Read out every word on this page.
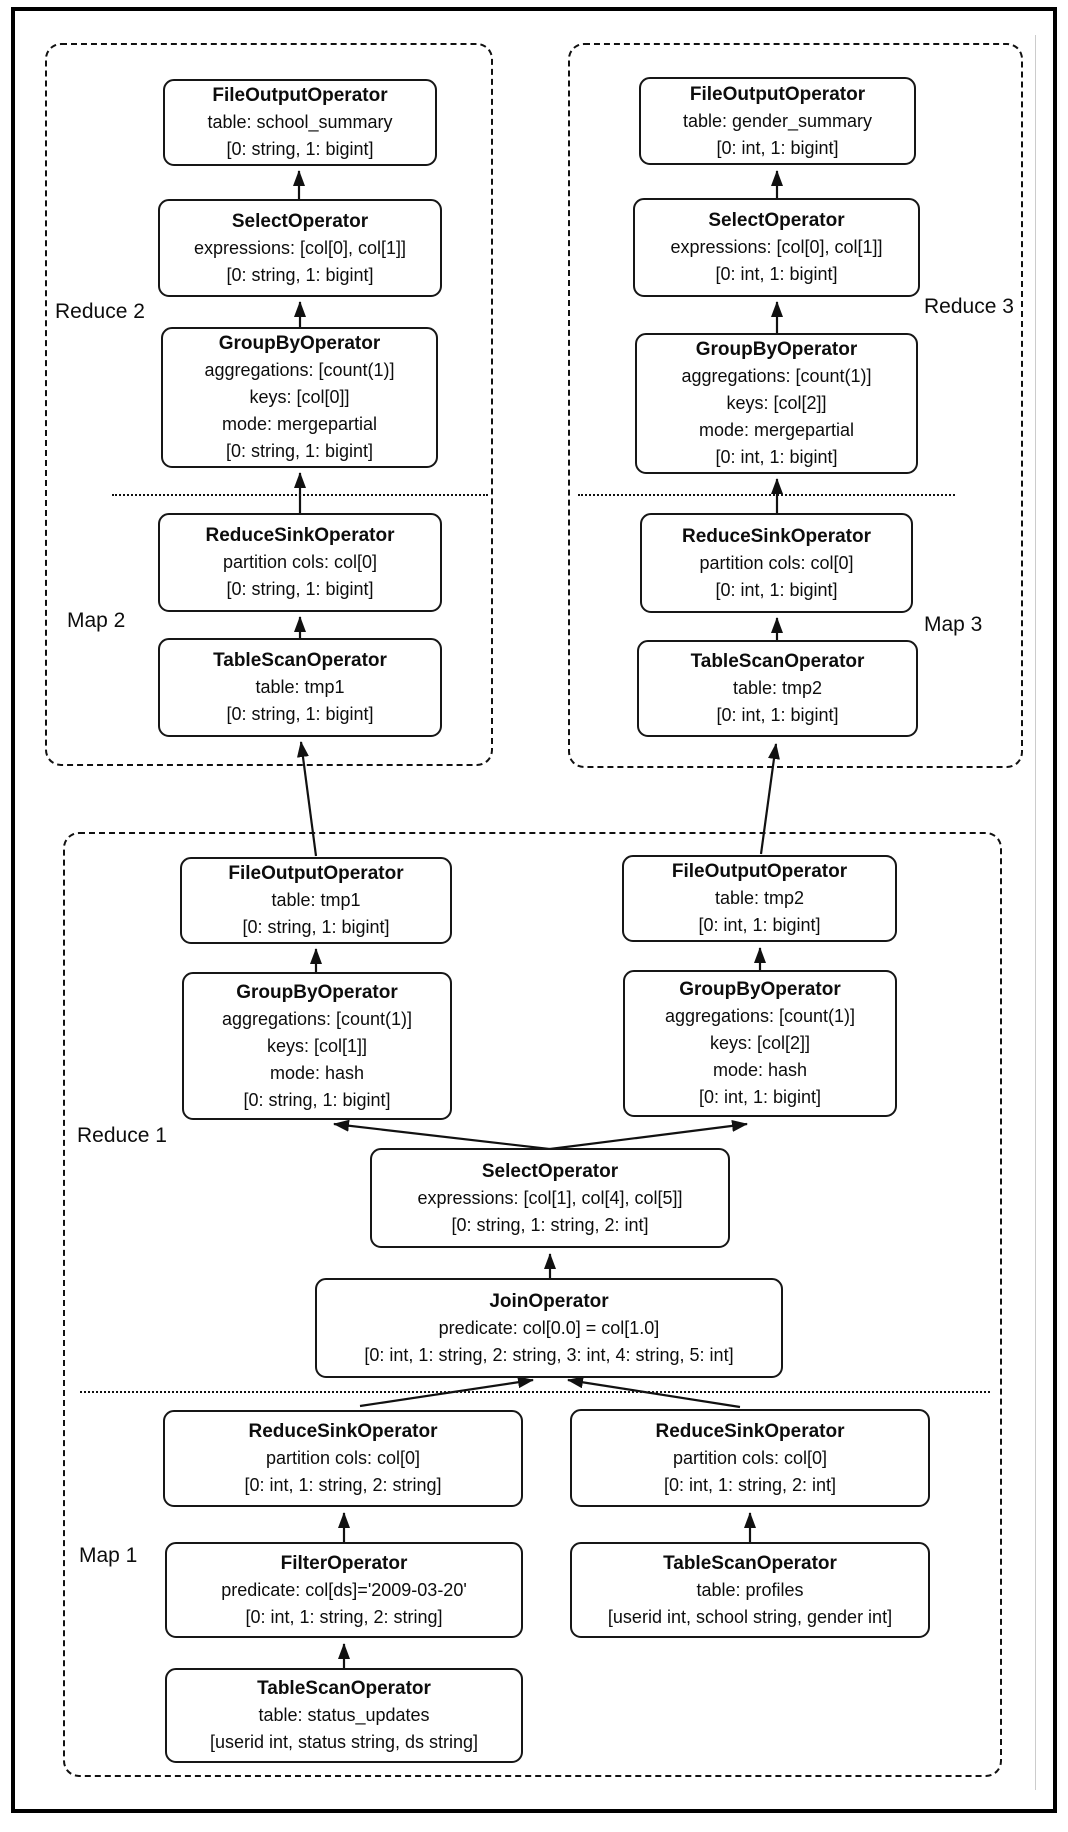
Reduce 2
Map 2
Reduce 3
Map 3
Reduce 1
Map 1
FileOutputOperator
table: school_summary
[0: string, 1: bigint]
SelectOperator
expressions: [col[0], col[1]]
[0: string, 1: bigint]
GroupByOperator
aggregations: [count(1)]
keys: [col[0]]
mode: mergepartial
[0: string, 1: bigint]
ReduceSinkOperator
partition cols: col[0]
[0: string, 1: bigint]
TableScanOperator
table: tmp1
[0: string, 1: bigint]
FileOutputOperator
table: gender_summary
[0: int, 1: bigint]
SelectOperator
expressions: [col[0], col[1]]
[0: int, 1: bigint]
GroupByOperator
aggregations: [count(1)]
keys: [col[2]]
mode: mergepartial
[0: int, 1: bigint]
ReduceSinkOperator
partition cols: col[0]
[0: int, 1: bigint]
TableScanOperator
table: tmp2
[0: int, 1: bigint]
FileOutputOperator
table: tmp1
[0: string, 1: bigint]
GroupByOperator
aggregations: [count(1)]
keys: [col[1]]
mode: hash
[0: string, 1: bigint]
FileOutputOperator
table: tmp2
[0: int, 1: bigint]
GroupByOperator
aggregations: [count(1)]
keys: [col[2]]
mode: hash
[0: int, 1: bigint]
SelectOperator
expressions: [col[1], col[4], col[5]]
[0: string, 1: string, 2: int]
JoinOperator
predicate: col[0.0] = col[1.0]
[0: int, 1: string, 2: string, 3: int, 4: string, 5: int]
ReduceSinkOperator
partition cols: col[0]
[0: int, 1: string, 2: string]
ReduceSinkOperator
partition cols: col[0]
[0: int, 1: string, 2: int]
FilterOperator
predicate: col[ds]='2009-03-20'
[0: int, 1: string, 2: string]
TableScanOperator
table: status_updates
[userid int, status string, ds string]
TableScanOperator
table: profiles
[userid int, school string, gender int]
